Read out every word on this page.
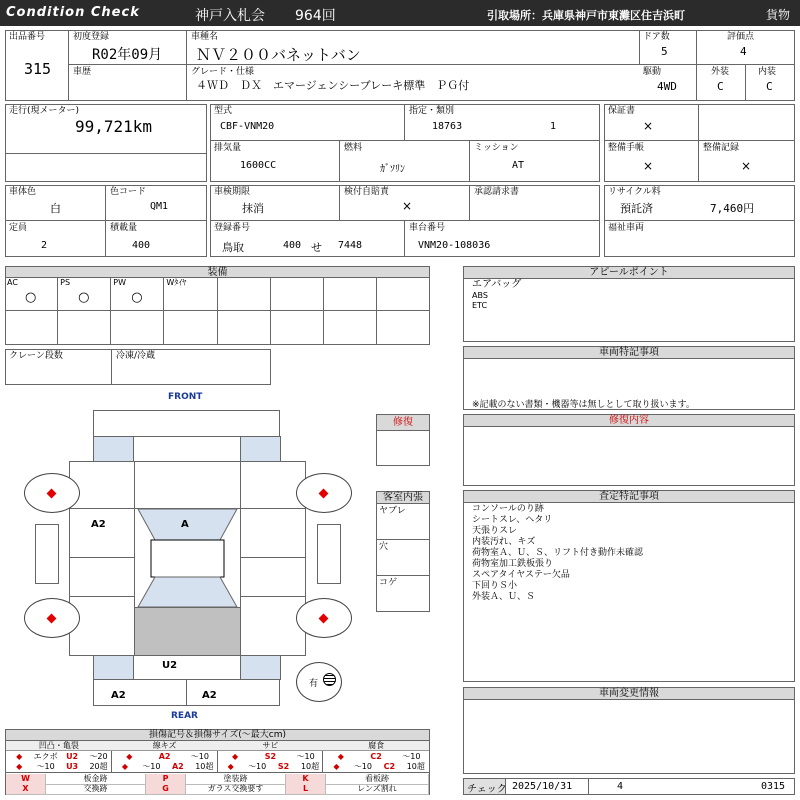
Condition Check	神戸入札会 964回	引取場所：兵庫県神戸市東灘区住吉浜町	貨物
出品番号
315
初度登録
R02年09月
車歴
車種名
ＮＶ２００バネットバン
グレード・仕様
４ＷＤ　ＤＸ　エマージェンシーブレーキ標準　ＰＧ付
ドア数
5
駆動
4WD
評価点
4
外装
C
内装
C
走行(現メーター)
99,721km
型式
CBF-VNM20
指定・類別
18763	1
排気量
1600CC
燃料
ｶﾞｿﾘﾝ
ミッション
AT
保証書
×
整備手帳
×
整備記録
×
車体色
白
色コード
QM1
定員
2
積載量
400
車検期限
抹消
検付自賠責
×
承認請求書
登録番号
鳥取	400 せ 7448
車台番号
VNM20-108036
リサイクル料
預託済	7,460円
福祉車両
装備
AC
○
PS
○
PW
○
Wﾀｲﾔ
クレーン段数	冷凍/冷蔵
FRONT
REAR
有
A
A2
U2
A2	A2
修復
客室内張
ヤブレ
穴
コゲ
アピールポイント
エアバッグ
ABS
ETC
車両特記事項
※記載のない書類・機器等は無しとして取り扱います。
修復内容
査定特記事項
コンソールのり跡
シートスレ、ヘタリ
天張りスレ
内装汚れ、キズ
荷物室Ａ、Ｕ、Ｓ、リフト付き動作未確認
荷物室加工鉄板張り
スペアタイヤステー欠品
下回りＳ小
外装Ａ、Ｕ、Ｓ
車両変更情報
損傷記号＆損傷サイズ(～最大cm)
凹凸・亀裂
◆	エクボ	U2	～20
◆	～10	U3	20超
線キズ
◆	A2	～10
◆	～10	A2	10超
サビ
◆	S2	～10
◆	～10	S2	10超
腐食
◆	C2	～10
◆	～10	C2	10超
W	板金跡	P	塗装跡	K	看板跡
X	交換跡	G	ガラス交換要す	L	レンズ割れ	チェック 2025/10/31	4	0315
